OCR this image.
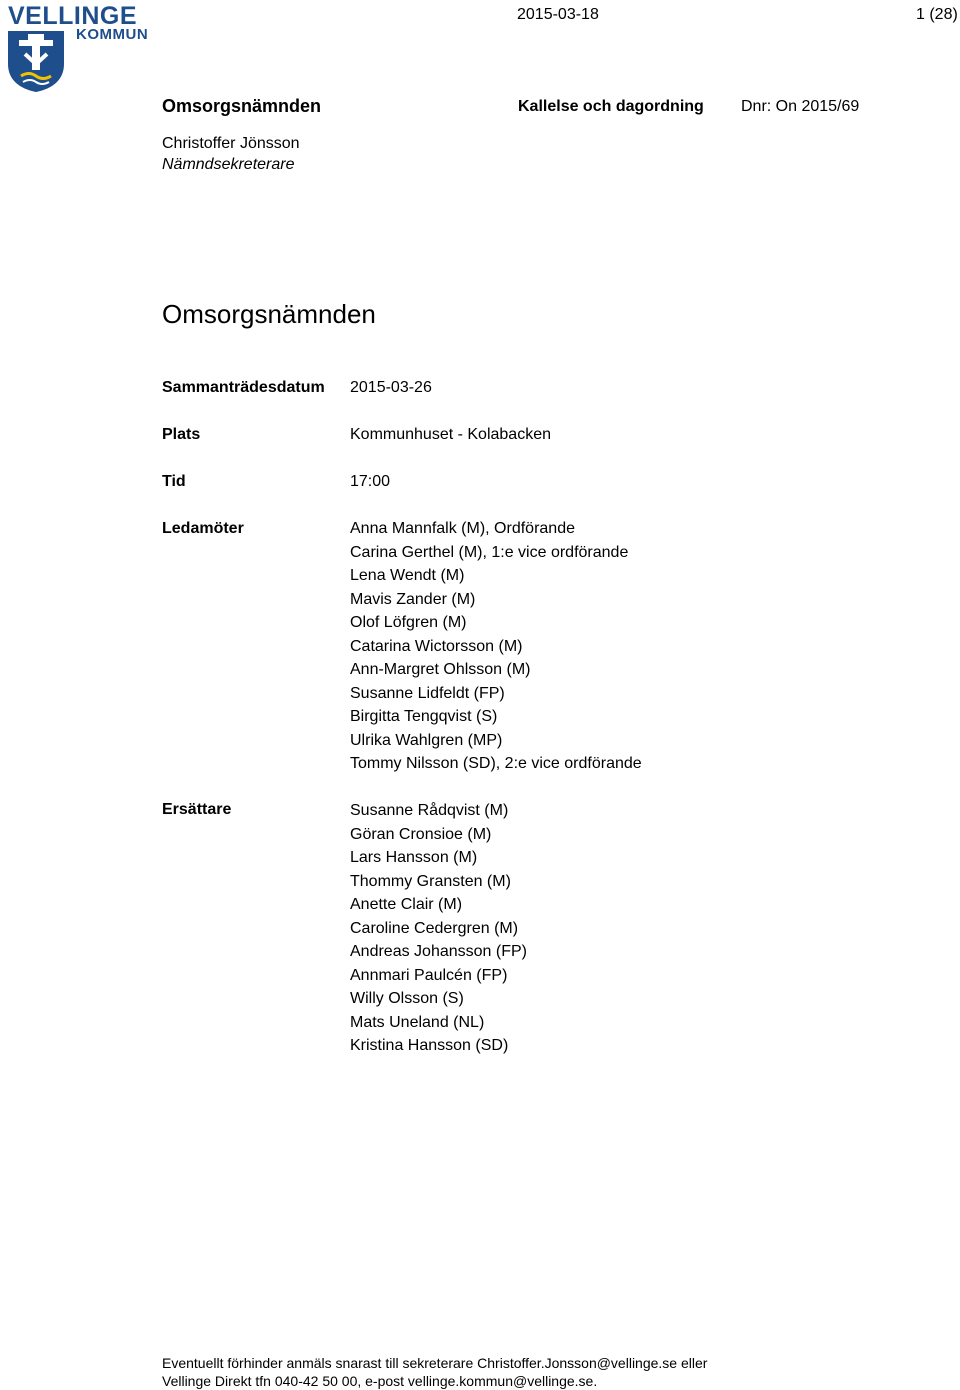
VELLINGE
KOMMUN
2015-03-18	1 (28)
Omsorgsnämnden	Kallelse och dagordning Dnr: On 2015/69
Christoffer Jönsson
Nämndsekreterare
Omsorgsnämnden
Sammanträdesdatum 2015-03-26
Plats	Kommunhuset - Kolabacken
Tid	17:00
Ledamöter	Anna Mannfalk (M), Ordförande
Carina Gerthel (M), 1:e vice ordförande
Lena Wendt (M)
Mavis Zander (M)
Olof Löfgren (M)
Catarina Wictorsson (M)
Ann-Margret Ohlsson (M)
Susanne Lidfeldt (FP)
Birgitta Tengqvist (S)
Ulrika Wahlgren (MP)
Tommy Nilsson (SD), 2:e vice ordförande
Ersättare	Susanne Rådqvist (M)
Göran Cronsioe (M)
Lars Hansson (M)
Thommy Gransten (M)
Anette Clair (M)
Caroline Cedergren (M)
Andreas Johansson (FP)
Annmari Paulcén (FP)
Willy Olsson (S)
Mats Uneland (NL)
Kristina Hansson (SD)
Eventuellt förhinder anmäls snarast till sekreterare Christoffer.Jonsson@vellinge.se eller
Vellinge Direkt tfn 040-42 50 00, e-post vellinge.kommun@vellinge.se.
